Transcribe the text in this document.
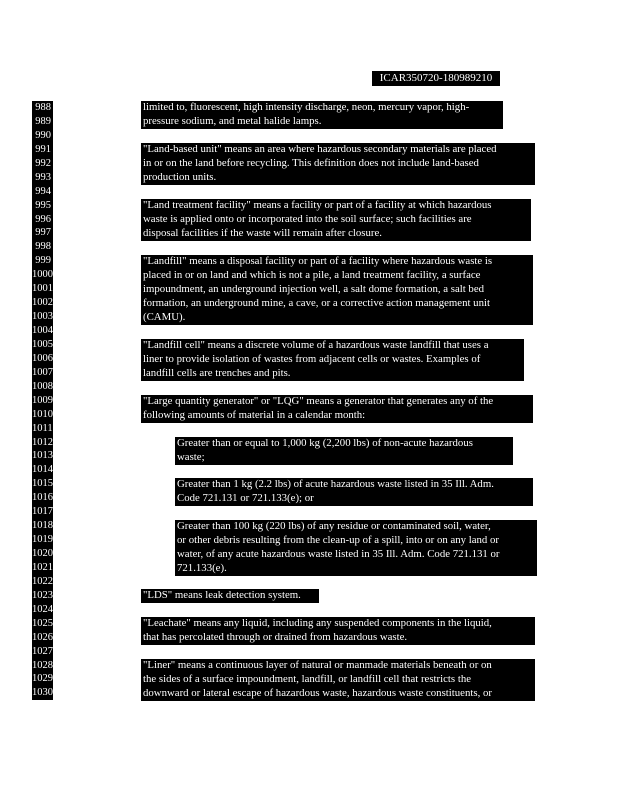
ICAR350720-180989210
988
989
990
991
992
993
994
995
996
997
998
999
1000
1001
1002
1003
1004
1005
1006
1007
1008
1009
1010
1011
1012
1013
1014
1015
1016
1017
1018
1019
1020
1021
1022
1023
1024
1025
1026
1027
1028
1029
1030
limited to, fluorescent, high intensity discharge, neon, mercury vapor, high-
pressure sodium, and metal halide lamps.
"Land-based unit" means an area where hazardous secondary materials are placed
in or on the land before recycling. This definition does not include land-based
production units.
"Land treatment facility" means a facility or part of a facility at which hazardous
waste is applied onto or incorporated into the soil surface; such facilities are
disposal facilities if the waste will remain after closure.
"Landfill" means a disposal facility or part of a facility where hazardous waste is
placed in or on land and which is not a pile, a land treatment facility, a surface
impoundment, an underground injection well, a salt dome formation, a salt bed
formation, an underground mine, a cave, or a corrective action management unit
(CAMU).
"Landfill cell" means a discrete volume of a hazardous waste landfill that uses a
liner to provide isolation of wastes from adjacent cells or wastes. Examples of
landfill cells are trenches and pits.
"Large quantity generator" or "LQG" means a generator that generates any of the
following amounts of material in a calendar month:
Greater than or equal to 1,000 kg (2,200 lbs) of non-acute hazardous
waste;
Greater than 1 kg (2.2 lbs) of acute hazardous waste listed in 35 Ill. Adm.
Code 721.131 or 721.133(e); or
Greater than 100 kg (220 lbs) of any residue or contaminated soil, water,
or other debris resulting from the clean-up of a spill, into or on any land or
water, of any acute hazardous waste listed in 35 Ill. Adm. Code 721.131 or
721.133(e).
"LDS" means leak detection system.
"Leachate" means any liquid, including any suspended components in the liquid,
that has percolated through or drained from hazardous waste.
"Liner" means a continuous layer of natural or manmade materials beneath or on
the sides of a surface impoundment, landfill, or landfill cell that restricts the
downward or lateral escape of hazardous waste, hazardous waste constituents, or
